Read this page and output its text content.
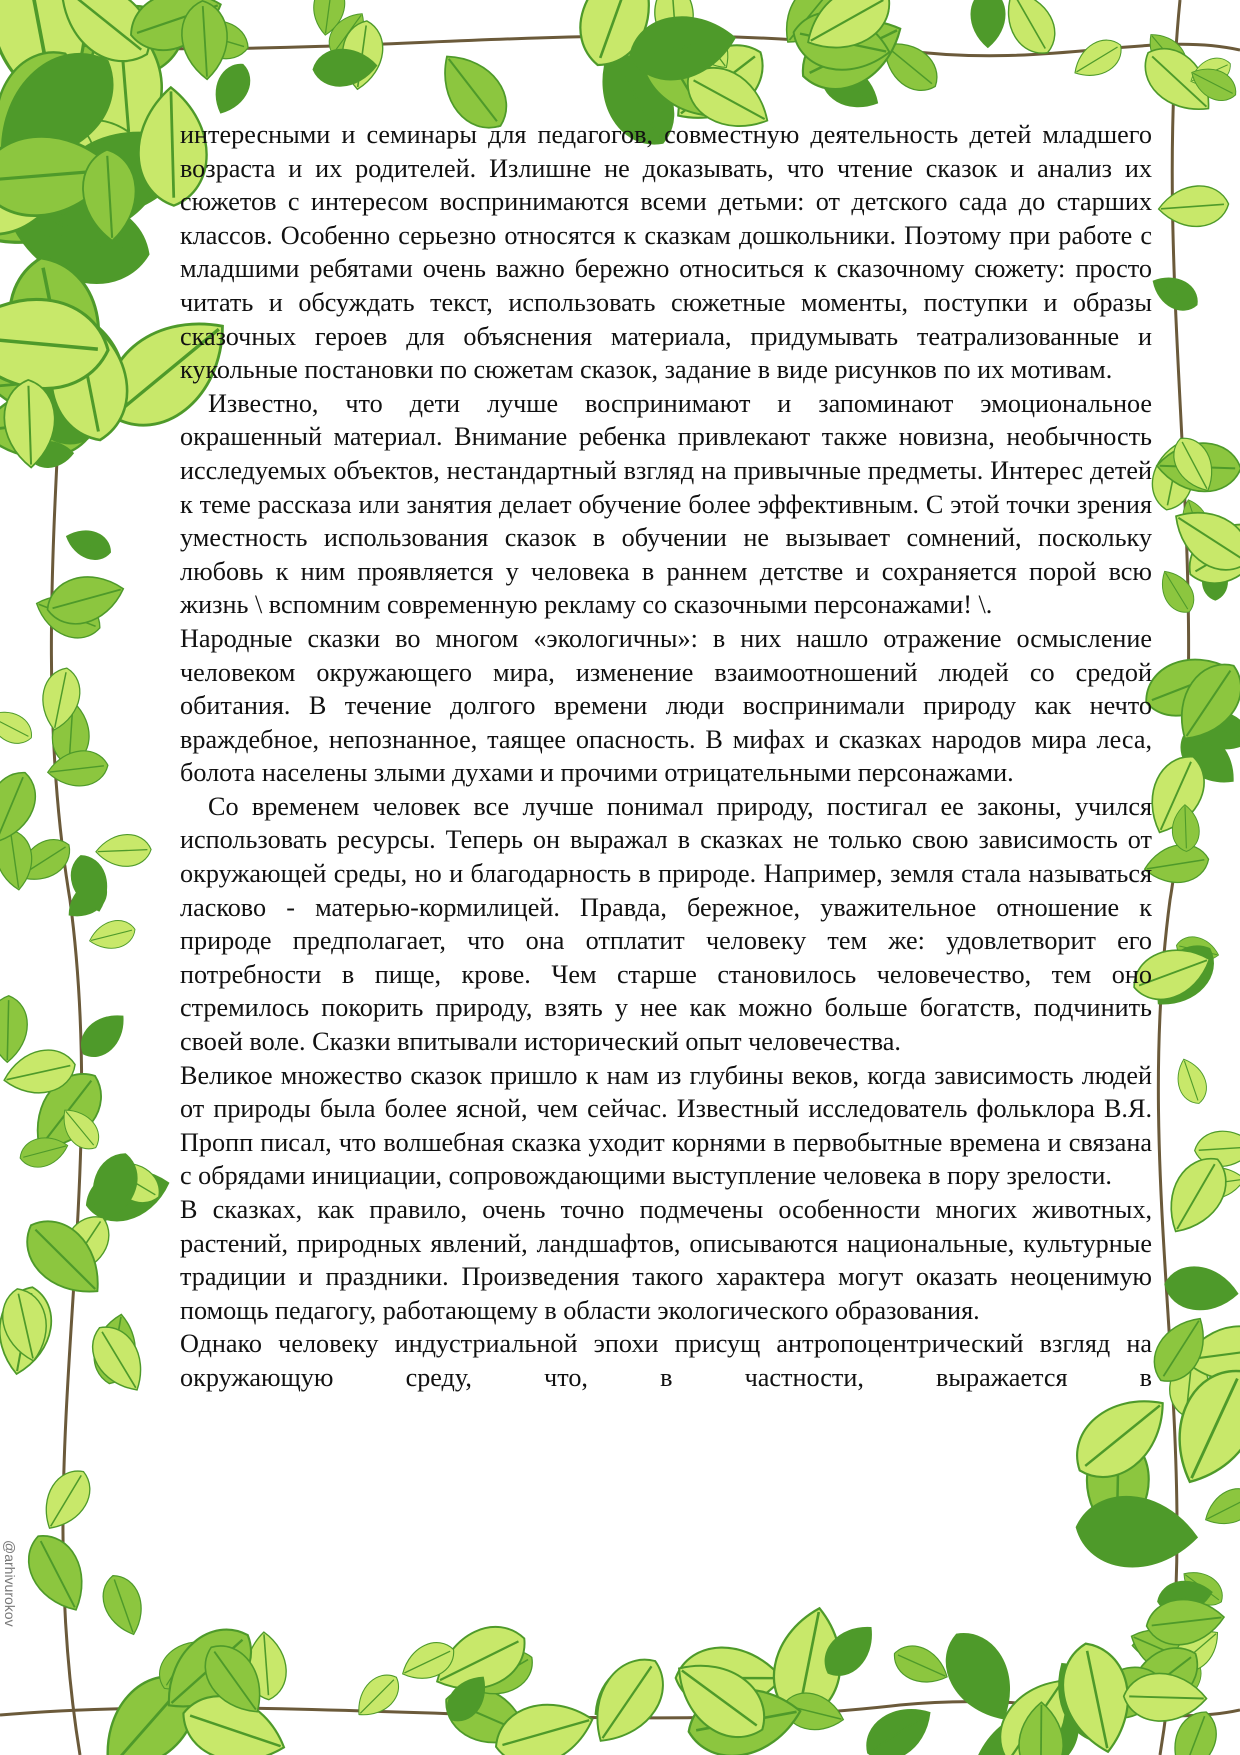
интересными и семинары для педагогов, совместную деятельность детей младшего возраста и их родителей. Излишне не доказывать, что чтение сказок и анализ их сюжетов с интересом воспринимаются всеми детьми: от детского сада до старших классов. Особенно серьезно относятся к сказкам дошкольники. Поэтому при работе с младшими ребятами очень важно бережно относиться к сказочному сюжету: просто читать и обсуждать текст, использовать сюжетные моменты, поступки и образы сказочных героев для объяснения материала, придумывать театрализованные и кукольные постановки по сюжетам сказок, задание в виде рисунков по их мотивам.

Известно, что дети лучше воспринимают и запоминают эмоциональное окрашенный материал. Внимание ребенка привлекают также новизна, необычность исследуемых объектов, нестандартный взгляд на привычные предметы. Интерес детей к теме рассказа или занятия делает обучение более эффективным. С этой точки зрения уместность использования сказок в обучении не вызывает сомнений, поскольку любовь к ним проявляется у человека в раннем детстве и сохраняется порой всю жизнь \ вспомним современную рекламу со сказочными персонажами! \.

Народные сказки во многом «экологичны»: в них нашло отражение осмысление человеком окружающего мира, изменение взаимоотношений людей со средой обитания. В течение долгого времени люди воспринимали природу как нечто враждебное, непознанное, таящее опасность. В мифах и сказках народов мира леса, болота населены злыми духами и прочими отрицательными персонажами.

Со временем человек все лучше понимал природу, постигал ее законы, учился использовать ресурсы. Теперь он выражал в сказках не только свою зависимость от окружающей среды, но и благодарность в природе. Например, земля стала называться ласково - матерью-кормилицей. Правда, бережное, уважительное отношение к природе предполагает, что она отплатит человеку тем же: удовлетворит его потребности в пище, крове. Чем старше становилось человечество, тем оно стремилось покорить природу, взять у нее как можно больше богатств, подчинить своей воле. Сказки впитывали исторический опыт человечества.

Великое множество сказок пришло к нам из глубины веков, когда зависимость людей от природы была более ясной, чем сейчас. Известный исследователь фольклора В.Я. Пропп писал, что волшебная сказка уходит корнями в первобытные времена и связана с обрядами инициации, сопровождающими выступление человека в пору зрелости.

В сказках, как правило, очень точно подмечены особенности многих животных, растений, природных явлений, ландшафтов, описываются национальные, культурные традиции и праздники. Произведения такого характера могут оказать неоценимую помощь педагогу, работающему в области экологического образования.

Однако человеку индустриальной эпохи присущ антропоцентрический взгляд на окружающую среду, что, в частности, выражается в

@arhivurokov
